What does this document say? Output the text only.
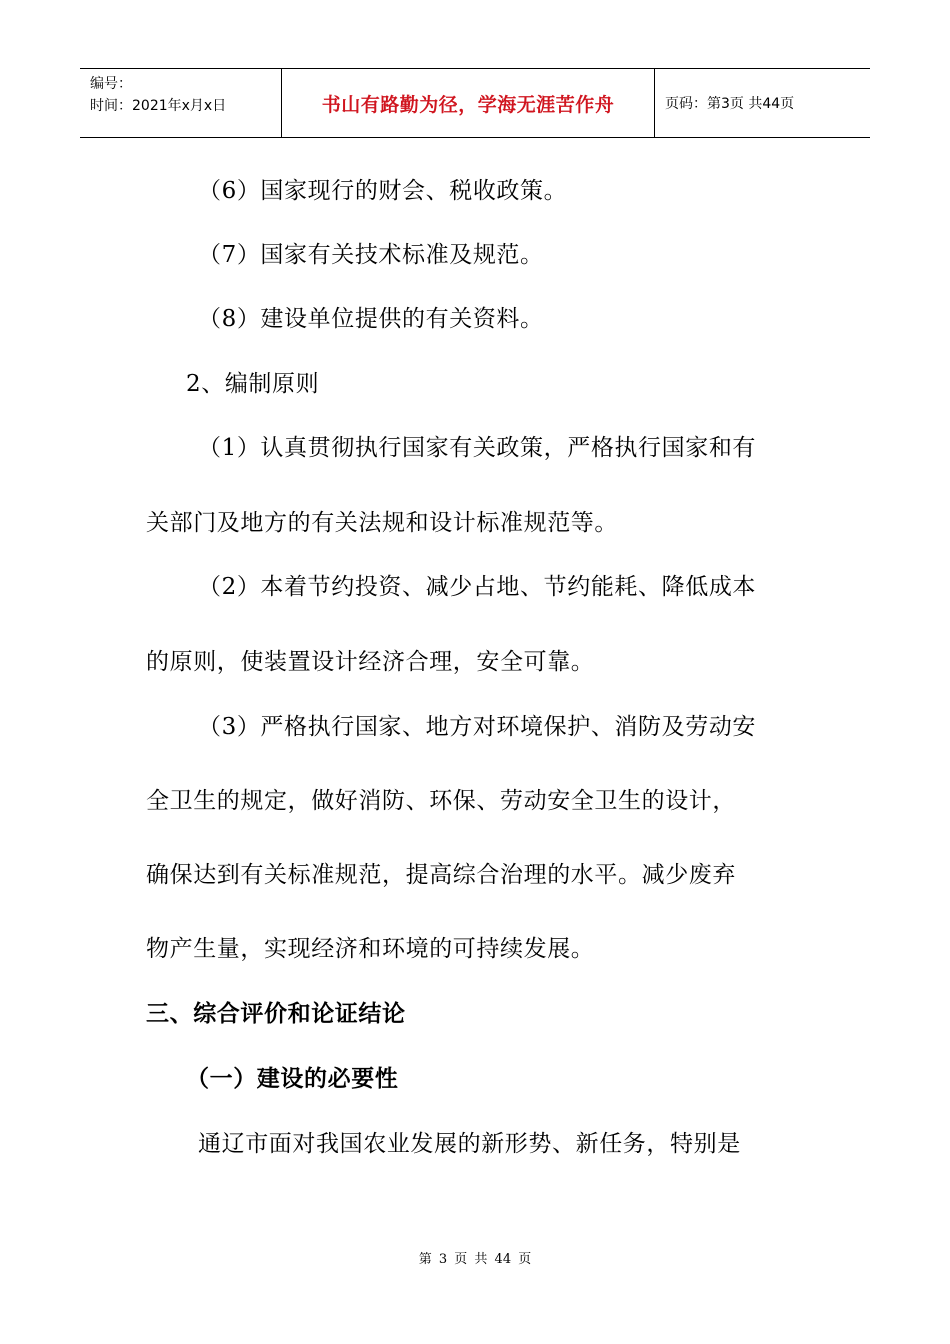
编号：
时间：2021年x月x日	书山有路勤为径，学海无涯苦作舟	页码：第3页 共44页
（6）国家现行的财会、税收政策。
（7）国家有关技术标准及规范。
（8）建设单位提供的有关资料。
2、编制原则
（1）认真贯彻执行国家有关政策，严格执行国家和有
关部门及地方的有关法规和设计标准规范等。
（2）本着节约投资、减少占地、节约能耗、降低成本
的原则，使装置设计经济合理，安全可靠。
（3）严格执行国家、地方对环境保护、消防及劳动安
全卫生的规定，做好消防、环保、劳动安全卫生的设计，
确保达到有关标准规范，提高综合治理的水平。减少废弃
物产生量，实现经济和环境的可持续发展。
三、综合评价和论证结论
（一）建设的必要性
通辽市面对我国农业发展的新形势、新任务，特别是
第 3 页 共 44 页
